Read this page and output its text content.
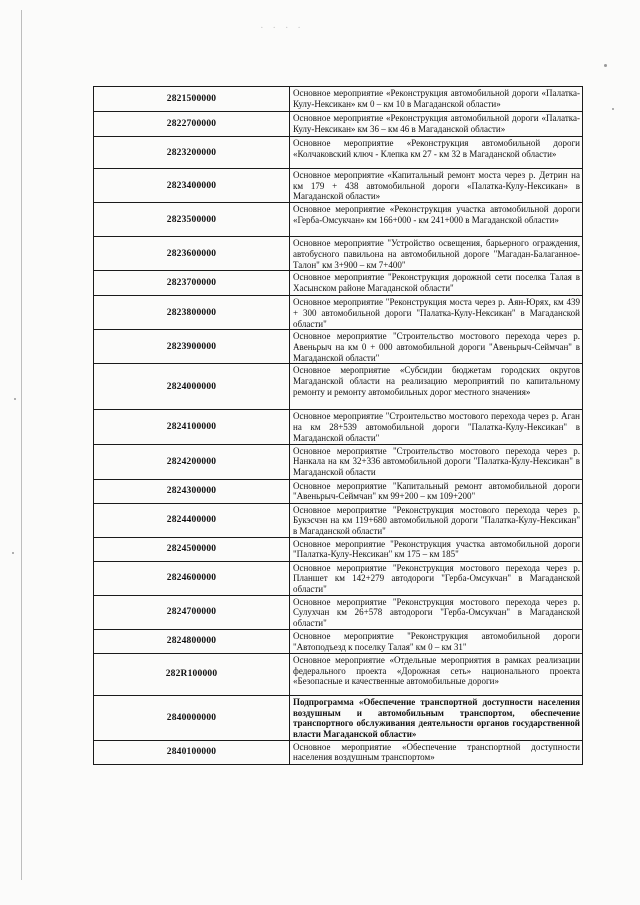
· · · ·
2821500000	Основное мероприятие «Реконструкция автомобильной дороги «Палатка-Кулу-Нексикан» км 0 – км 10 в Магаданской области»
2822700000	Основное мероприятие «Реконструкция автомобильной дороги «Палатка-Кулу-Нексикан» км 36 – км 46 в Магаданской области»
2823200000	Основное мероприятие «Реконструкция автомобильной дороги «Колчаковский ключ - Клепка км 27 - км 32 в Магаданской области»
2823400000	Основное мероприятие «Капитальный ремонт моста через р. Детрин на км 179 + 438 автомобильной дороги «Палатка-Кулу-Нексикан» в Магаданской области»
2823500000	Основное мероприятие «Реконструкция участка автомобильной дороги «Герба-Омсукчан» км 166+000 - км 241+000 в Магаданской области»
2823600000	Основное мероприятие "Устройство освещения, барьерного ограждения, автобусного павильона на автомобильной дороге "Магадан-Балаганное-Талон" км 3+900 – км 7+400"
2823700000	Основное мероприятие "Реконструкция дорожной сети поселка Талая в Хасынском районе Магаданской области"
2823800000	Основное мероприятие "Реконструкция моста через р. Аян-Юрях, км 439 + 300 автомобильной дороги "Палатка-Кулу-Нексикан" в Магаданской области"
2823900000	Основное мероприятие "Строительство мостового перехода через р. Авеньрыч на км 0 + 000 автомобильной дороги "Авеньрыч-Сеймчан" в Магаданской области"
2824000000	Основное мероприятие «Субсидии бюджетам городских округов Магаданской области на реализацию мероприятий по капитальному ремонту и ремонту автомобильных дорог местного значения»
2824100000	Основное мероприятие "Строительство мостового перехода через р. Аган на км 28+539 автомобильной дороги "Палатка-Кулу-Нексикан" в Магаданской области"
2824200000	Основное мероприятие "Строительство мостового перехода через р. Нанкала на км 32+336 автомобильной дороги "Палатка-Кулу-Нексикан" в Магаданской области
2824300000	Основное мероприятие "Капитальный ремонт автомобильной дороги "Авеньрыч-Сеймчан" км 99+200 – км 109+200"
2824400000	Основное мероприятие "Реконструкция мостового перехода через р. Букэсчэн на км 119+680 автомобильной дороги "Палатка-Кулу-Нексикан" в Магаданской области"
2824500000	Основное мероприятие "Реконструкция участка автомобильной дороги "Палатка-Кулу-Нексикан" км 175 – км 185"
2824600000	Основное мероприятие "Реконструкция мостового перехода через р. Планшет км 142+279 автодороги "Герба-Омсукчан" в Магаданской области"
2824700000	Основное мероприятие "Реконструкция мостового перехода через р. Сулухчан км 26+578 автодороги "Герба-Омсукчан" в Магаданской области"
2824800000	Основное мероприятие "Реконструкция автомобильной дороги "Автоподъезд к поселку Талая" км 0 – км 31"
282R100000	Основное мероприятие «Отдельные мероприятия в рамках реализации федерального проекта «Дорожная сеть» национального проекта «Безопасные и качественные автомобильные дороги»
2840000000	Подпрограмма «Обеспечение транспортной доступности населения воздушным и автомобильным транспортом, обеспечение транспортного обслуживания деятельности органов государственной власти Магаданской области»
2840100000	Основное мероприятие «Обеспечение транспортной доступности населения воздушным транспортом»
